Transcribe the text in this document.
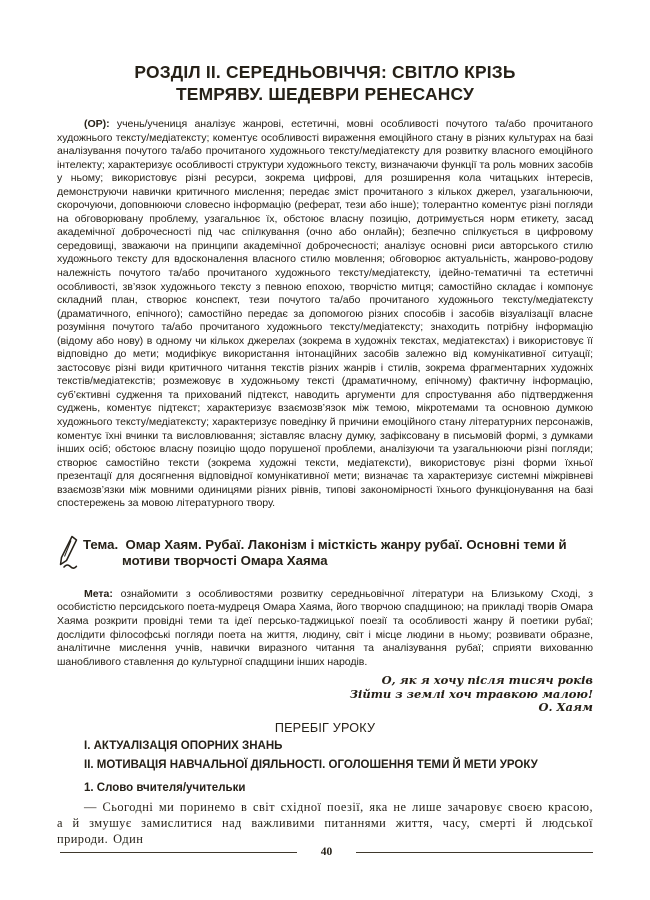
РОЗДІЛ ІІ. СЕРЕДНЬОВІЧЧЯ: СВІТЛО КРІЗЬ
ТЕМРЯВУ. ШЕДЕВРИ РЕНЕСАНСУ

(ОР): учень/учениця аналізує жанрові, естетичні, мовні особливості почутого та/або прочитаного художнього тексту/медіатексту; коментує особливості вираження емоційного стану в різних культурах на базі аналізування почутого та/або прочитаного художнього тексту/медіатексту для розвитку власного емоційного інтелекту; характеризує особливості структури художнього тексту, визначаючи функції та роль мовних засобів у ньому; використовує різні ресурси, зокрема цифрові, для розширення кола читацьких інтересів, демонструючи навички критичного мислення; передає зміст прочитаного з кількох джерел, узагальнюючи, скорочуючи, доповнюючи словесно інформацію (реферат, тези або інше); толерантно коментує різні погляди на обговорювану проблему, узагальнює їх, обстоює власну позицію, дотримується норм етикету, засад академічної доброчесності під час спілкування (очно або онлайн); безпечно спілкується в цифровому середовищі, зважаючи на принципи академічної доброчесності; аналізує основні риси авторського стилю художнього тексту для вдосконалення власного стилю мовлення; обговорює актуальність, жанрово-родову належність почутого та/або прочитаного художнього тексту/медіатексту, ідейно-тематичні та естетичні особливості, зв’язок художнього тексту з певною епохою, творчістю митця; самостійно складає і компонує складний план, створює конспект, тези почутого та/або прочитаного художнього тексту/медіатексту (драматичного, епічного); самостійно передає за допомогою різних способів і засобів візуалізації власне розуміння почутого та/або прочитаного художнього тексту/медіатексту; знаходить потрібну інформацію (відому або нову) в одному чи кількох джерелах (зокрема в художніх текстах, медіатекстах) і використовує її відповідно до мети; модифікує використання інтонаційних засобів залежно від комунікативної ситуації; застосовує різні види критичного читання текстів різних жанрів і стилів, зокрема фрагментарних художніх текстів/медіатекстів; розмежовує в художньому тексті (драматичному, епічному) фактичну інформацію, суб’єктивні судження та прихований підтекст, наводить аргументи для спростування або підтвердження суджень, коментує підтекст; характеризує взаємозв’язок між темою, мікротемами та основною думкою художнього тексту/медіатексту; характеризує поведінку й причини емоційного стану літературних персонажів, коментує їхні вчинки та висловлювання; зіставляє власну думку, зафіксовану в письмовій формі, з думками інших осіб; обстоює власну позицію щодо порушеної проблеми, аналізуючи та узагальнюючи різні погляди; створює самостійно тексти (зокрема художні тексти, медіатексти), використовує різні форми їхньої презентації для досягнення відповідної комунікативної мети; визначає та характеризує системні міжрівневі взаємозв’язки між мовними одиницями різних рівнів, типові закономірності їхнього функціонування на базі спостережень за мовою літературного твору.

Тема. Омар Хаям. Рубаї. Лаконізм і місткість жанру рубаї. Основні теми й мотиви творчості Омара Хаяма

Мета: ознайомити з особливостями розвитку середньовічної літератури на Близькому Сході, з особистістю персидського поета-мудреця Омара Хаяма, його творчою спадщиною; на прикладі творів Омара Хаяма розкрити провідні теми та ідеї персько-таджицької поезії та особливості жанру й поетики рубаї; дослідити філософські погляди поета на життя, людину, світ і місце людини в ньому; розвивати образне, аналітичне мислення учнів, навички виразного читання та аналізування рубаї; сприяти вихованню шанобливого ставлення до культурної спадщини інших народів.

О, як я хочу після тисяч років
Зійти з землі хоч травкою малою!
О. Хаям
ПЕРЕБІГ УРОКУ
І. АКТУАЛІЗАЦІЯ ОПОРНИХ ЗНАНЬ
ІІ. МОТИВАЦІЯ НАВЧАЛЬНОЇ ДІЯЛЬНОСТІ. ОГОЛОШЕННЯ ТЕМИ Й МЕТИ УРОКУ
1. Слово вчителя/учительки

— Сьогодні ми поринемо в світ східної поезії, яка не лише зачаровує своєю красою, а й змушує замислитися над важливими питаннями життя, часу, смерті й людської природи. Один

40
